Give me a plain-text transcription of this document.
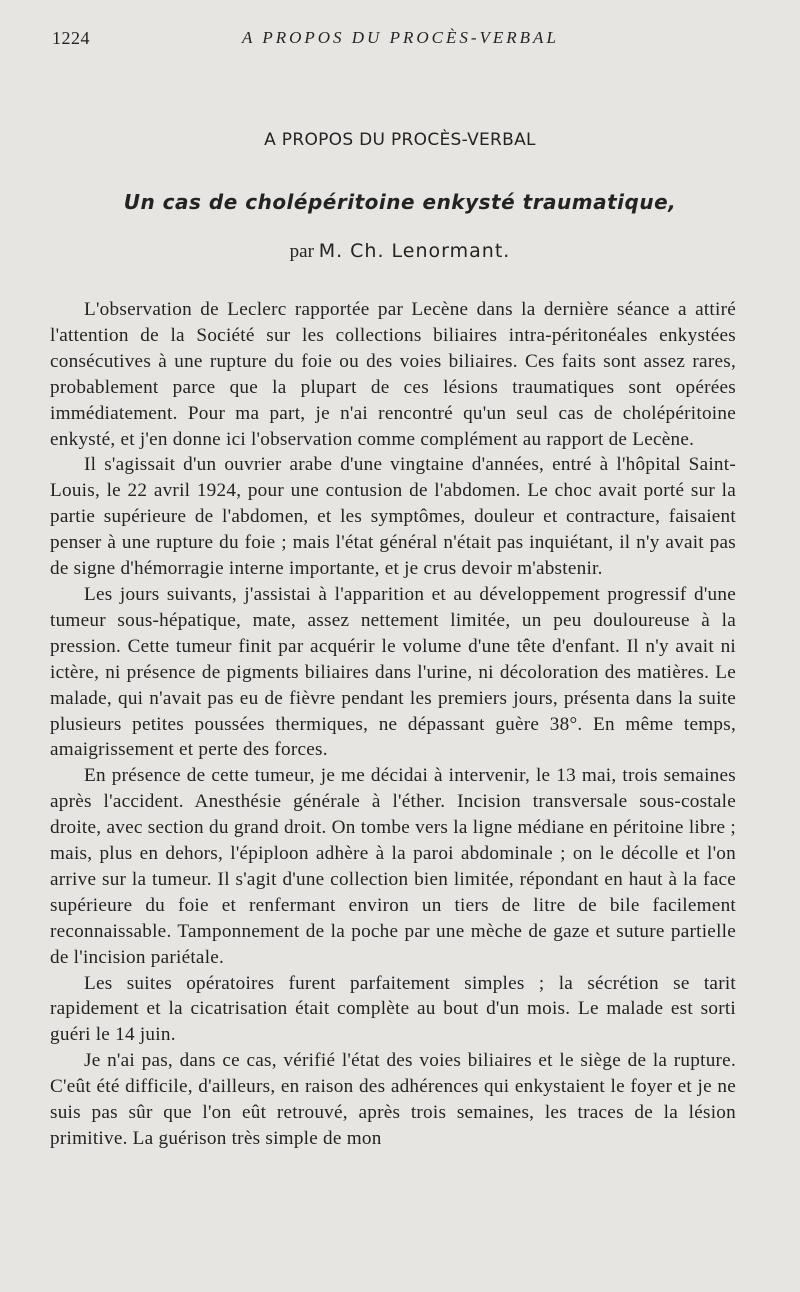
1224	A PROPOS DU PROCÈS-VERBAL
A PROPOS DU PROCÈS-VERBAL
Un cas de cholépéritoine enkysté traumatique,
par M. Ch. Lenormant.

L'observation de Leclerc rapportée par Lecène dans la dernière séance a attiré l'attention de la Société sur les collections biliaires intra-péritonéales enkystées consécutives à une rupture du foie ou des voies biliaires. Ces faits sont assez rares, probablement parce que la plupart de ces lésions traumatiques sont opérées immédiatement. Pour ma part, je n'ai rencontré qu'un seul cas de cholépéritoine enkysté, et j'en donne ici l'observation comme complément au rapport de Lecène.

Il s'agissait d'un ouvrier arabe d'une vingtaine d'années, entré à l'hôpital Saint-Louis, le 22 avril 1924, pour une contusion de l'abdomen. Le choc avait porté sur la partie supérieure de l'abdomen, et les symptômes, douleur et contracture, faisaient penser à une rupture du foie ; mais l'état général n'était pas inquiétant, il n'y avait pas de signe d'hémorragie interne importante, et je crus devoir m'abstenir.

Les jours suivants, j'assistai à l'apparition et au développement progressif d'une tumeur sous-hépatique, mate, assez nettement limitée, un peu douloureuse à la pression. Cette tumeur finit par acquérir le volume d'une tête d'enfant. Il n'y avait ni ictère, ni présence de pigments biliaires dans l'urine, ni décoloration des matières. Le malade, qui n'avait pas eu de fièvre pendant les premiers jours, présenta dans la suite plusieurs petites poussées thermiques, ne dépassant guère 38°. En même temps, amaigrissement et perte des forces.

En présence de cette tumeur, je me décidai à intervenir, le 13 mai, trois semaines après l'accident. Anesthésie générale à l'éther. Incision transversale sous-costale droite, avec section du grand droit. On tombe vers la ligne médiane en péritoine libre ; mais, plus en dehors, l'épiploon adhère à la paroi abdominale ; on le décolle et l'on arrive sur la tumeur. Il s'agit d'une collection bien limitée, répondant en haut à la face supérieure du foie et renfermant environ un tiers de litre de bile facilement reconnaissable. Tamponnement de la poche par une mèche de gaze et suture partielle de l'incision pariétale.

Les suites opératoires furent parfaitement simples ; la sécrétion se tarit rapidement et la cicatrisation était complète au bout d'un mois. Le malade est sorti guéri le 14 juin.

Je n'ai pas, dans ce cas, vérifié l'état des voies biliaires et le siège de la rupture. C'eût été difficile, d'ailleurs, en raison des adhérences qui enkystaient le foyer et je ne suis pas sûr que l'on eût retrouvé, après trois semaines, les traces de la lésion primitive. La guérison très simple de mon
